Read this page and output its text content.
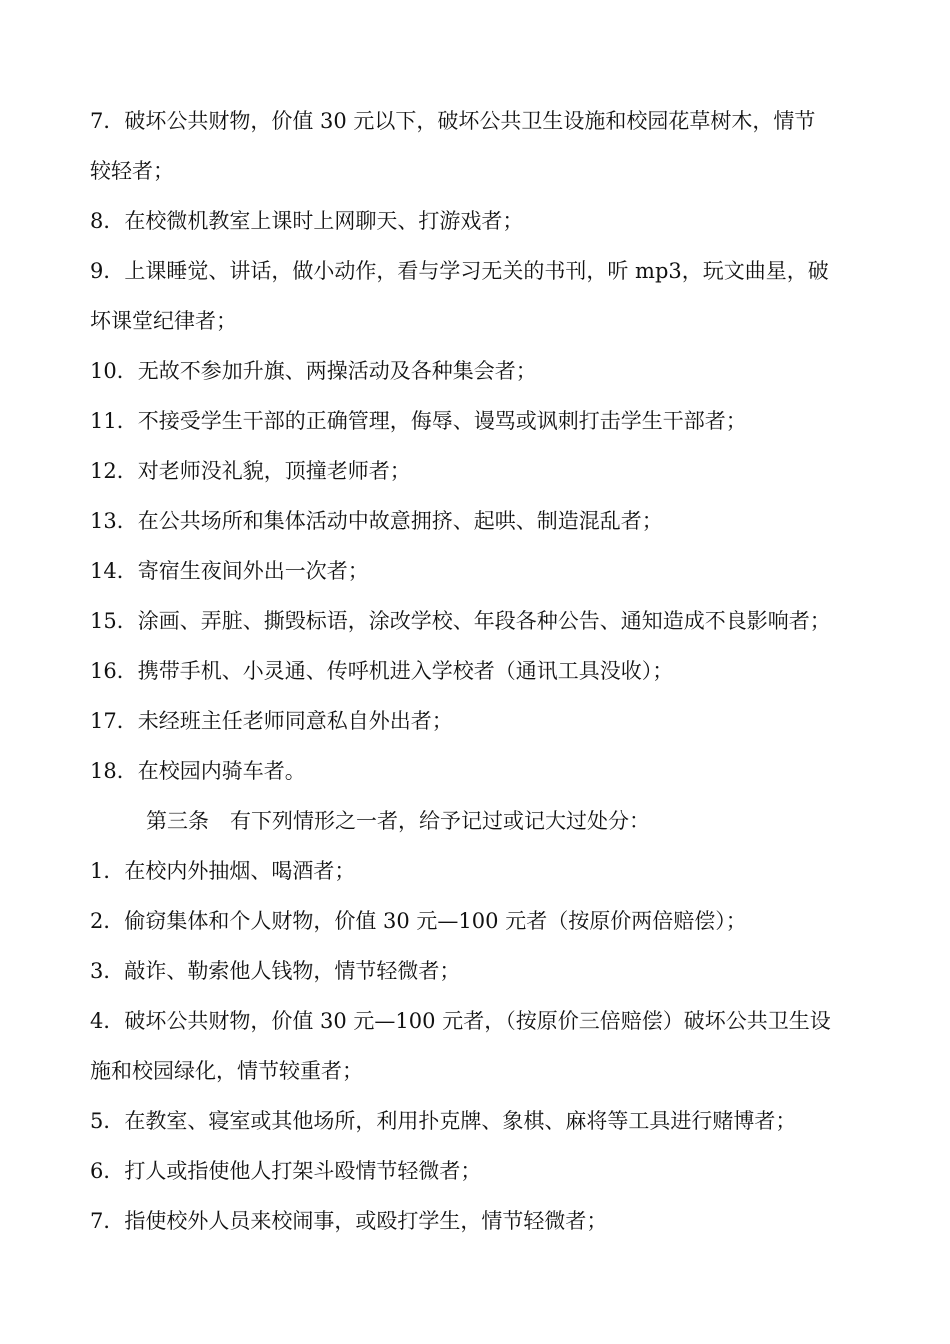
7．破坏公共财物，价值 30 元以下，破坏公共卫生设施和校园花草树木，情节
较轻者；
8．在校微机教室上课时上网聊天、打游戏者；
9．上课睡觉、讲话，做小动作，看与学习无关的书刊，听 mp3，玩文曲星，破
坏课堂纪律者；
10．无故不参加升旗、两操活动及各种集会者；
11．不接受学生干部的正确管理，侮辱、谩骂或讽刺打击学生干部者；
12．对老师没礼貌，顶撞老师者；
13．在公共场所和集体活动中故意拥挤、起哄、制造混乱者；
14．寄宿生夜间外出一次者；
15．涂画、弄脏、撕毁标语，涂改学校、年段各种公告、通知造成不良影响者；
16．携带手机、小灵通、传呼机进入学校者（通讯工具没收）；
17．未经班主任老师同意私自外出者；
18．在校园内骑车者。
第三条　有下列情形之一者，给予记过或记大过处分：
1．在校内外抽烟、喝酒者；
2．偷窃集体和个人财物，价值 30 元—100 元者（按原价两倍赔偿）；
3．敲诈、勒索他人钱物，情节轻微者；
4．破坏公共财物，价值 30 元—100 元者，（按原价三倍赔偿）破坏公共卫生设
施和校园绿化，情节较重者；
5．在教室、寝室或其他场所，利用扑克牌、象棋、麻将等工具进行赌博者；
6．打人或指使他人打架斗殴情节轻微者；
7．指使校外人员来校闹事，或殴打学生，情节轻微者；
